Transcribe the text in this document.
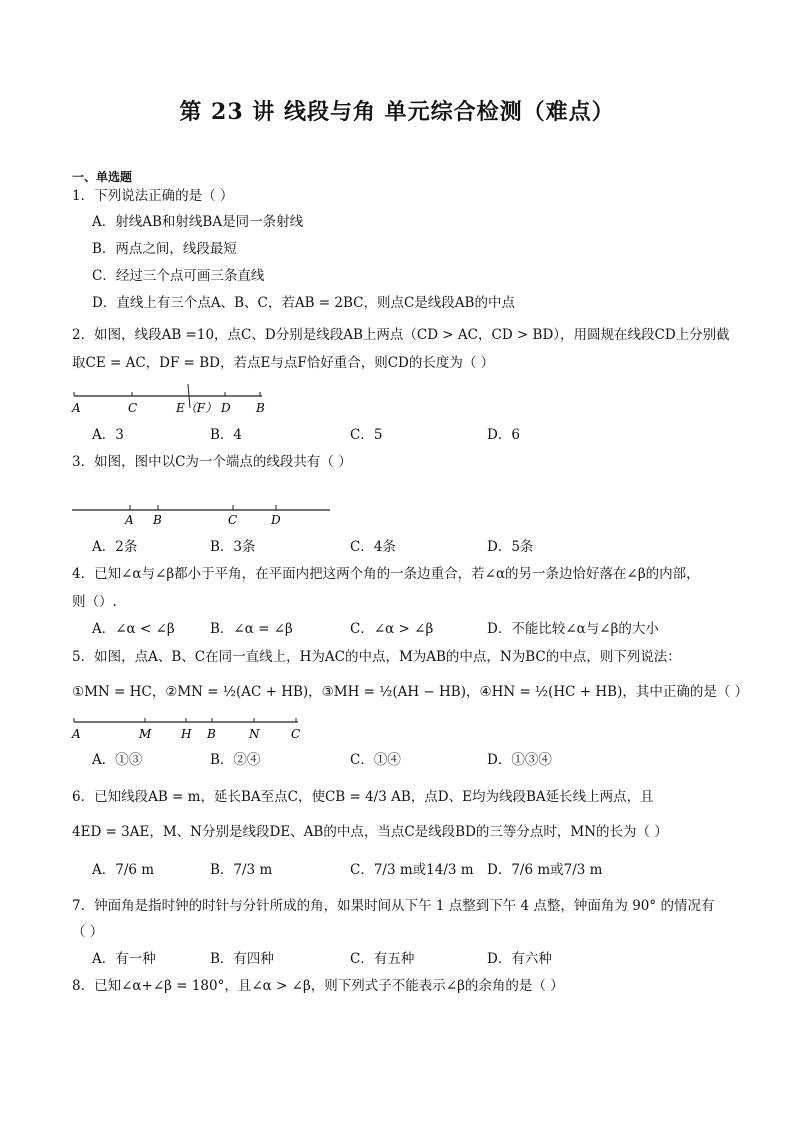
第 23 讲 线段与角 单元综合检测（难点）
一、单选题
1．下列说法正确的是（ ）
A．射线AB和射线BA是同一条射线
B．两点之间，线段最短
C．经过三个点可画三条直线
D．直线上有三个点A、B、C，若AB = 2BC，则点C是线段AB的中点
2．如图，线段AB =10，点C、D分别是线段AB上两点（CD > AC，CD > BD），用圆规在线段CD上分别截
取CE = AC，DF = BD，若点E与点F恰好重合，则CD的长度为（ ）
A	C	E（F） D B
A．3	B．4	C．5	D．6
3．如图，图中以C为一个端点的线段共有（ ）
A B	C	D
A．2条	B．3条	C．4条	D．5条
4．已知∠α与∠β都小于平角，在平面内把这两个角的一条边重合，若∠α的另一条边恰好落在∠β的内部，
则（）.
A．∠α < ∠β	B．∠α = ∠β	C．∠α > ∠β	D．不能比较∠α与∠β的大小
5．如图，点A、B、C在同一直线上，H为AC的中点，M为AB的中点，N为BC的中点，则下列说法：
①MN = HC，②MN = ½(AC + HB)，③MH = ½(AH − HB)，④HN = ½(HC + HB)，其中正确的是（ ）
A	M H B	N	C
A．①③	B．②④	C．①④	D．①③④
6．已知线段AB = m，延长BA至点C，使CB = 4/3 AB，点D、E均为线段BA延长线上两点，且
4ED = 3AE，M、N分别是线段DE、AB的中点，当点C是线段BD的三等分点时，MN的长为（ ）
A．7/6 m	B．7/3 m	C．7/3 m或14/3 m D．7/6 m或7/3 m
7．钟面角是指时钟的时针与分针所成的角，如果时间从下午 1 点整到下午 4 点整，钟面角为 90° 的情况有
（ ）
A．有一种	B．有四种	C．有五种	D．有六种
8．已知∠α+∠β = 180°，且∠α > ∠β，则下列式子不能表示∠β的余角的是（ ）
